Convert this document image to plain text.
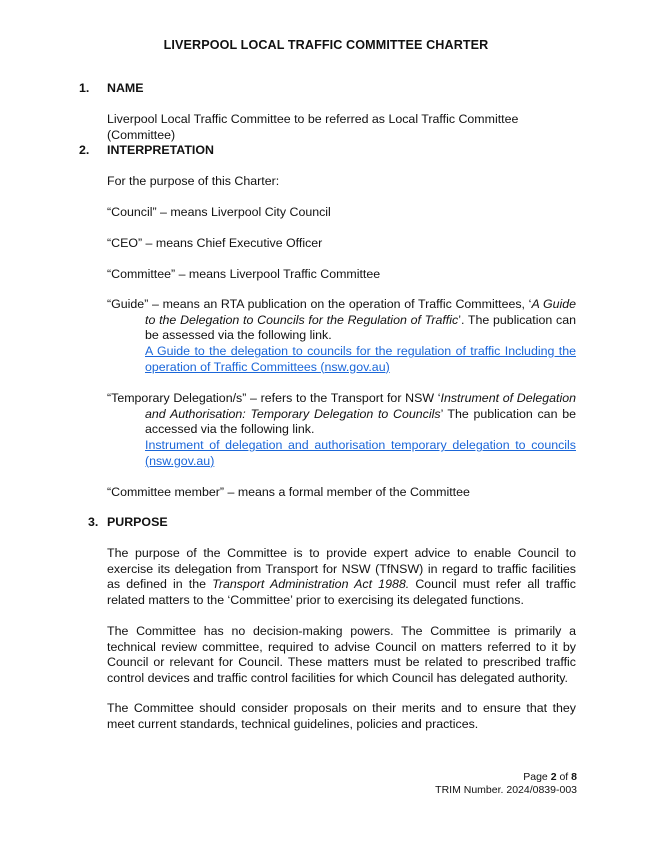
LIVERPOOL LOCAL TRAFFIC COMMITTEE CHARTER
1. NAME
Liverpool Local Traffic Committee to be referred as Local Traffic Committee (Committee)
2. INTERPRETATION
For the purpose of this Charter:
“Council” – means Liverpool City Council
“CEO” – means Chief Executive Officer
“Committee” – means Liverpool Traffic Committee
“Guide” – means an RTA publication on the operation of Traffic Committees, ‘A Guide to the Delegation to Councils for the Regulation of Traffic’. The publication can be assessed via the following link.
A Guide to the delegation to councils for the regulation of traffic Including the operation of Traffic Committees (nsw.gov.au)
“Temporary Delegation/s” – refers to the Transport for NSW ‘Instrument of Delegation and Authorisation: Temporary Delegation to Councils’ The publication can be accessed via the following link.
Instrument of delegation and authorisation temporary delegation to councils (nsw.gov.au)
“Committee member” – means a formal member of the Committee
3. PURPOSE
The purpose of the Committee is to provide expert advice to enable Council to exercise its delegation from Transport for NSW (TfNSW) in regard to traffic facilities as defined in the Transport Administration Act 1988. Council must refer all traffic related matters to the ‘Committee’ prior to exercising its delegated functions.
The Committee has no decision-making powers. The Committee is primarily a technical review committee, required to advise Council on matters referred to it by Council or relevant for Council. These matters must be related to prescribed traffic control devices and traffic control facilities for which Council has delegated authority.
The Committee should consider proposals on their merits and to ensure that they meet current standards, technical guidelines, policies and practices.
Page 2 of 8
TRIM Number. 2024/0839-003
